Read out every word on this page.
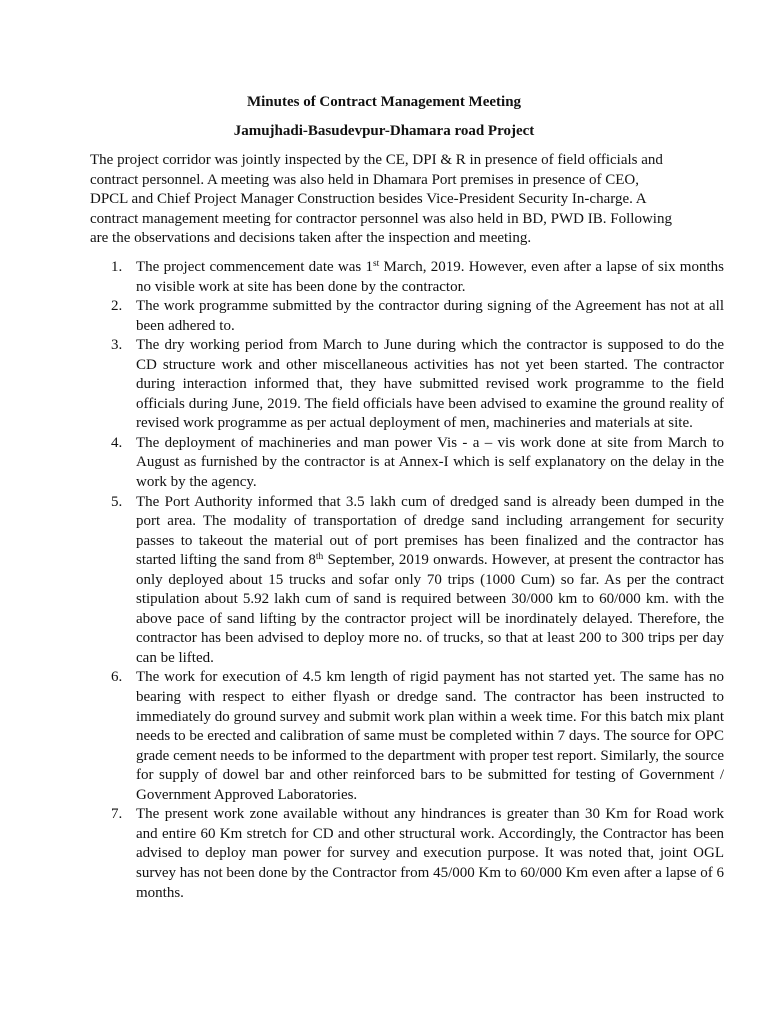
Minutes of Contract Management Meeting
Jamujhadi-Basudevpur-Dhamara road Project

The project corridor was jointly inspected by the CE, DPI & R in presence of field officials and contract personnel. A meeting was also held in Dhamara Port premises in presence of CEO, DPCL and Chief Project Manager Construction besides Vice-President Security In-charge. A contract management meeting for contractor personnel was also held in BD, PWD IB. Following are the observations and decisions taken after the inspection and meeting.

1. The project commencement date was 1st March, 2019. However, even after a lapse of six months no visible work at site has been done by the contractor.
2. The work programme submitted by the contractor during signing of the Agreement has not at all been adhered to.
3. The dry working period from March to June during which the contractor is supposed to do the CD structure work and other miscellaneous activities has not yet been started. The contractor during interaction informed that, they have submitted revised work programme to the field officials during June, 2019. The field officials have been advised to examine the ground reality of revised work programme as per actual deployment of men, machineries and materials at site.
4. The deployment of machineries and man power Vis - a – vis work done at site from March to August as furnished by the contractor is at Annex-I which is self explanatory on the delay in the work by the agency.
5. The Port Authority informed that 3.5 lakh cum of dredged sand is already been dumped in the port area. The modality of transportation of dredge sand including arrangement for security passes to takeout the material out of port premises has been finalized and the contractor has started lifting the sand from 8th September, 2019 onwards. However, at present the contractor has only deployed about 15 trucks and sofar only 70 trips (1000 Cum) so far. As per the contract stipulation about 5.92 lakh cum of sand is required between 30/000 km to 60/000 km. with the above pace of sand lifting by the contractor project will be inordinately delayed. Therefore, the contractor has been advised to deploy more no. of trucks, so that at least 200 to 300 trips per day can be lifted.
6. The work for execution of 4.5 km length of rigid payment has not started yet. The same has no bearing with respect to either flyash or dredge sand. The contractor has been instructed to immediately do ground survey and submit work plan within a week time. For this batch mix plant needs to be erected and calibration of same must be completed within 7 days. The source for OPC grade cement needs to be informed to the department with proper test report. Similarly, the source for supply of dowel bar and other reinforced bars to be submitted for testing of Government / Government Approved Laboratories.
7. The present work zone available without any hindrances is greater than 30 Km for Road work and entire 60 Km stretch for CD and other structural work. Accordingly, the Contractor has been advised to deploy man power for survey and execution purpose. It was noted that, joint OGL survey has not been done by the Contractor from 45/000 Km to 60/000 Km even after a lapse of 6 months.
